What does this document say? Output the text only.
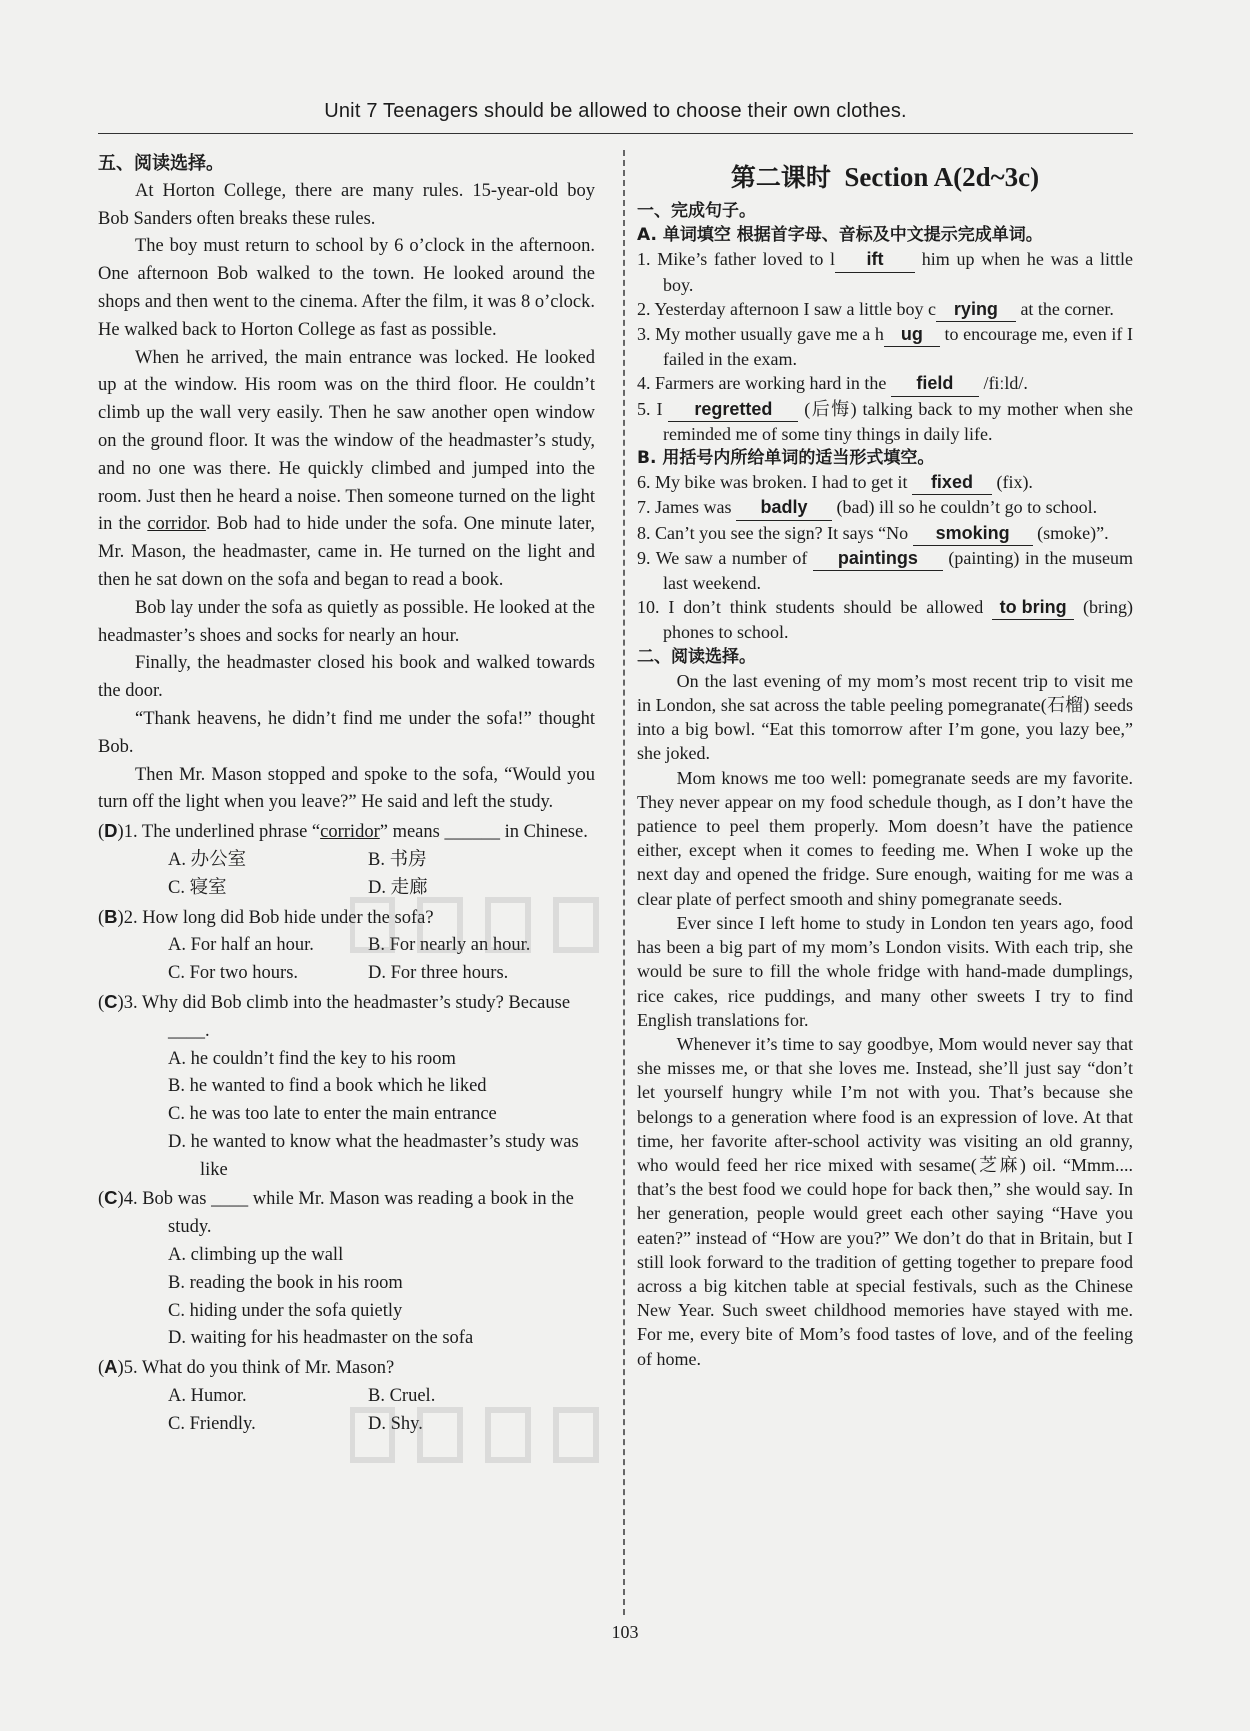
Unit 7 Teenagers should be allowed to choose their own clothes.
五、阅读选择。

At Horton College, there are many rules. 15-year-old boy Bob Sanders often breaks these rules.

The boy must return to school by 6 o’clock in the afternoon. One afternoon Bob walked to the town. He looked around the shops and then went to the cinema. After the film, it was 8 o’clock. He walked back to Horton College as fast as possible.

When he arrived, the main entrance was locked. He looked up at the window. His room was on the third floor. He couldn’t climb up the wall very easily. Then he saw another open window on the ground floor. It was the window of the headmaster’s study, and no one was there. He quickly climbed and jumped into the room. Just then he heard a noise. Then someone turned on the light in the corridor. Bob had to hide under the sofa. One minute later, Mr. Mason, the headmaster, came in. He turned on the light and then he sat down on the sofa and began to read a book.

Bob lay under the sofa as quietly as possible. He looked at the headmaster’s shoes and socks for nearly an hour.

Finally, the headmaster closed his book and walked towards the door.

“Thank heavens, he didn’t find me under the sofa!” thought Bob.

Then Mr. Mason stopped and spoke to the sofa, “Would you turn off the light when you leave?” He said and left the study.

(D)1. The underlined phrase “corridor” means ______ in Chinese.

A. 办公室	B. 书房
C. 寝室	D. 走廊

(B)2. How long did Bob hide under the sofa?

A. For half an hour.	B. For nearly an hour.
C. For two hours.	D. For three hours.

(C)3. Why did Bob climb into the headmaster’s study? Because ____.

A. he couldn’t find the key to his room
B. he wanted to find a book which he liked
C. he was too late to enter the main entrance
D. he wanted to know what the headmaster’s study was like

(C)4. Bob was ____ while Mr. Mason was reading a book in the study.

A. climbing up the wall
B. reading the book in his room
C. hiding under the sofa quietly
D. waiting for his headmaster on the sofa

(A)5. What do you think of Mr. Mason?

A. Humor.	B. Cruel.
C. Friendly.	D. Shy.
第二课时 Section A(2d~3c)

一、完成句子。

A. 单词填空 根据首字母、音标及中文提示完成单词。

1. Mike’s father loved to l ift him up when he was a little boy.

2. Yesterday afternoon I saw a little boy c rying at the corner.

3. My mother usually gave me a h ug to encourage me, even if I failed in the exam.

4. Farmers are working hard in the field /fiːld/.

5. I regretted (后悔) talking back to my mother when she reminded me of some tiny things in daily life.

B. 用括号内所给单词的适当形式填空。

6. My bike was broken. I had to get it fixed (fix).

7. James was badly (bad) ill so he couldn’t go to school.

8. Can’t you see the sign? It says “No smoking (smoke)”.

9. We saw a number of paintings (painting) in the museum last weekend.

10. I don’t think students should be allowed to bring (bring) phones to school.

二、阅读选择。

On the last evening of my mom’s most recent trip to visit me in London, she sat across the table peeling pomegranate(石榴) seeds into a big bowl. “Eat this tomorrow after I’m gone, you lazy bee,” she joked.

Mom knows me too well: pomegranate seeds are my favorite. They never appear on my food schedule though, as I don’t have the patience to peel them properly. Mom doesn’t have the patience either, except when it comes to feeding me. When I woke up the next day and opened the fridge. Sure enough, waiting for me was a clear plate of perfect smooth and shiny pomegranate seeds.

Ever since I left home to study in London ten years ago, food has been a big part of my mom’s London visits. With each trip, she would be sure to fill the whole fridge with hand-made dumplings, rice cakes, rice puddings, and many other sweets I try to find English translations for.

Whenever it’s time to say goodbye, Mom would never say that she misses me, or that she loves me. Instead, she’ll just say “don’t let yourself hungry while I’m not with you. That’s because she belongs to a generation where food is an expression of love. At that time, her favorite after-school activity was visiting an old granny, who would feed her rice mixed with sesame(芝麻) oil. “Mmm.... that’s the best food we could hope for back then,” she would say. In her generation, people would greet each other saying “Have you eaten?” instead of “How are you?” We don’t do that in Britain, but I still look forward to the tradition of getting together to prepare food across a big kitchen table at special festivals, such as the Chinese New Year. Such sweet childhood memories have stayed with me. For me, every bite of Mom’s food tastes of love, and of the feeling of home.

103
